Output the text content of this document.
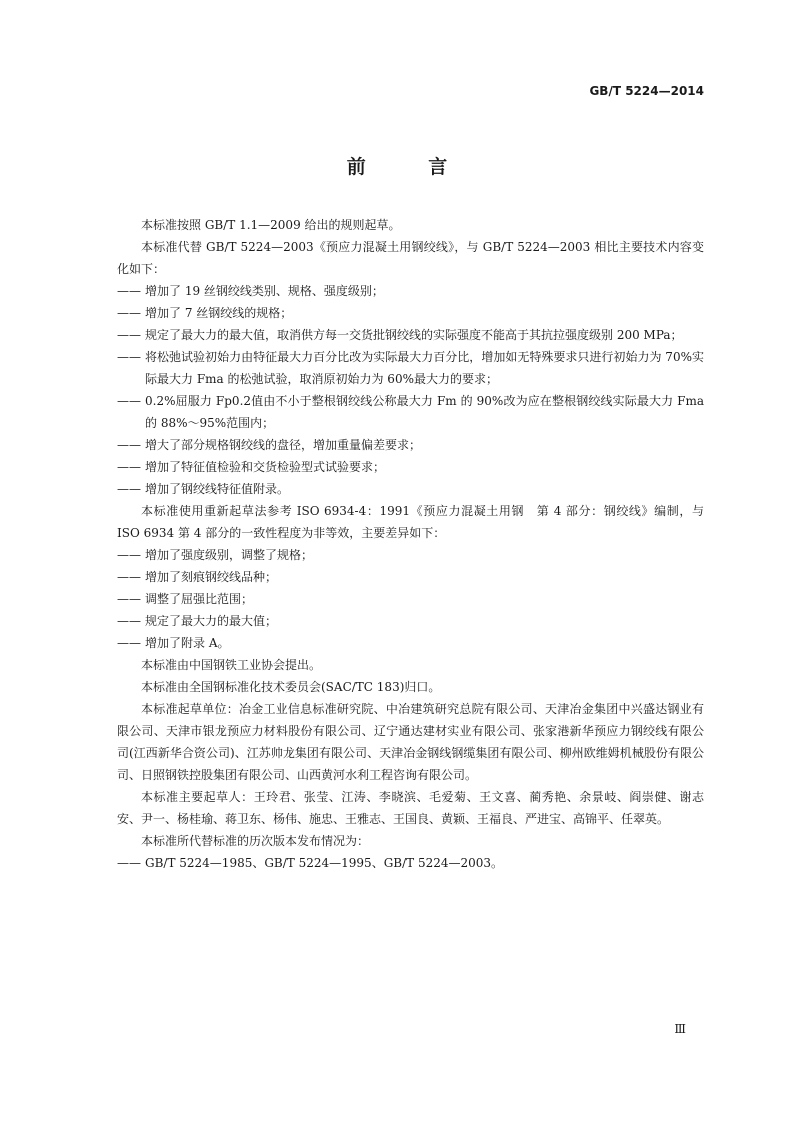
GB/T 5224—2014
前 言

本标准按照 GB/T 1.1—2009 给出的规则起草。

本标准代替 GB/T 5224—2003《预应力混凝土用钢绞线》，与 GB/T 5224—2003 相比主要技术内容变化如下：

—— 增加了 19 丝钢绞线类别、规格、强度级别；

—— 增加了 7 丝钢绞线的规格；

—— 规定了最大力的最大值，取消供方每一交货批钢绞线的实际强度不能高于其抗拉强度级别 200 MPa；

—— 将松弛试验初始力由特征最大力百分比改为实际最大力百分比，增加如无特殊要求只进行初始力为 70%实际最大力 Fma 的松弛试验，取消原初始力为 60%最大力的要求；

—— 0.2%屈服力 Fp0.2值由不小于整根钢绞线公称最大力 Fm 的 90%改为应在整根钢绞线实际最大力 Fma 的 88%～95%范围内；

—— 增大了部分规格钢绞线的盘径，增加重量偏差要求；

—— 增加了特征值检验和交货检验型式试验要求；

—— 增加了钢绞线特征值附录。

本标准使用重新起草法参考 ISO 6934-4：1991《预应力混凝土用钢　第 4 部分：钢绞线》编制，与 ISO 6934 第 4 部分的一致性程度为非等效，主要差异如下：

—— 增加了强度级别，调整了规格；

—— 增加了刻痕钢绞线品种；

—— 调整了屈强比范围；

—— 规定了最大力的最大值；

—— 增加了附录 A。

本标准由中国钢铁工业协会提出。

本标准由全国钢标准化技术委员会(SAC/TC 183)归口。

本标准起草单位：冶金工业信息标准研究院、中冶建筑研究总院有限公司、天津冶金集团中兴盛达钢业有限公司、天津市银龙预应力材料股份有限公司、辽宁通达建材实业有限公司、张家港新华预应力钢绞线有限公司(江西新华合资公司)、江苏帅龙集团有限公司、天津冶金钢线钢缆集团有限公司、柳州欧维姆机械股份有限公司、日照钢铁控股集团有限公司、山西黄河水利工程咨询有限公司。

本标准主要起草人：王玲君、张莹、江涛、李晓滨、毛爱菊、王文喜、蔺秀艳、余景岐、阎崇健、谢志安、尹一、杨桂瑜、蒋卫东、杨伟、施忠、王雅志、王国良、黄颖、王福良、严进宝、高锦平、任翠英。

本标准所代替标准的历次版本发布情况为：

—— GB/T 5224—1985、GB/T 5224—1995、GB/T 5224—2003。

Ⅲ
